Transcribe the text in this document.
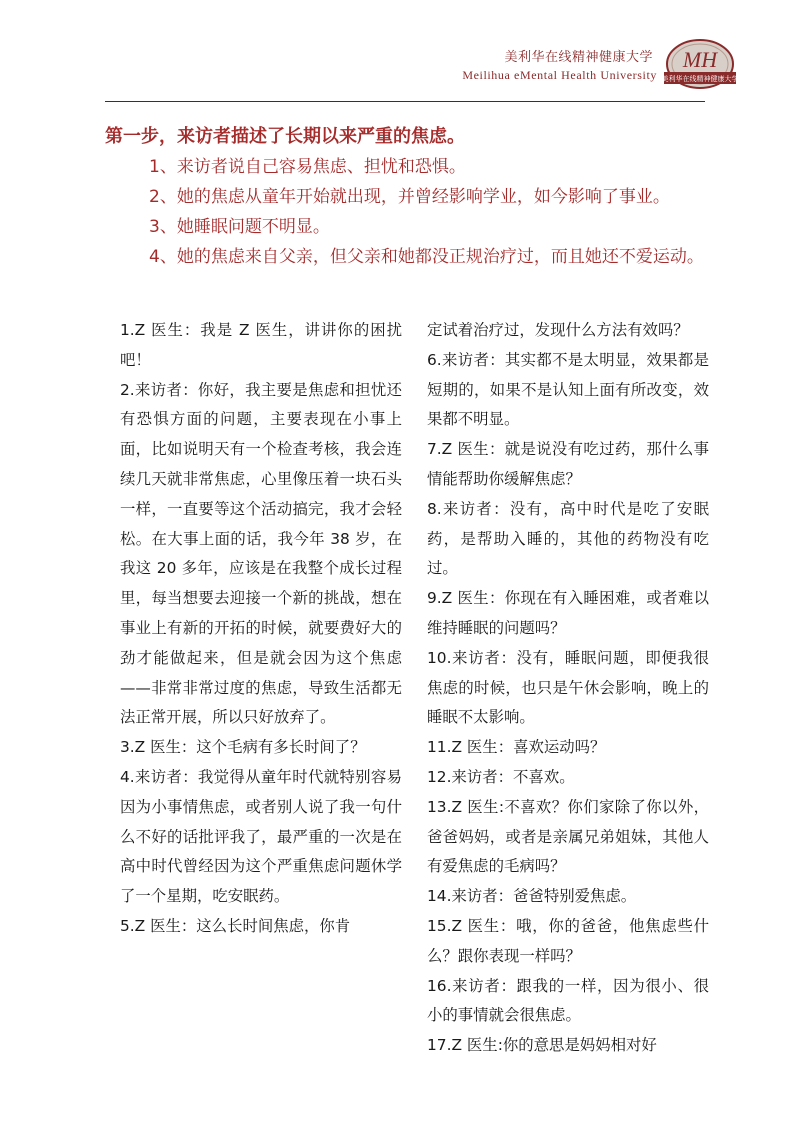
美利华在线精神健康大学
Meilihua eMental Health University
MH
美利华在线精神健康大学
第一步，来访者描述了长期以来严重的焦虑。
1、来访者说自己容易焦虑、担忧和恐惧。
2、她的焦虑从童年开始就出现，并曾经影响学业，如今影响了事业。
3、她睡眠问题不明显。
4、她的焦虑来自父亲，但父亲和她都没正规治疗过，而且她还不爱运动。

1.Z 医生：我是 Z 医生，讲讲你的困扰吧！

2.来访者：你好，我主要是焦虑和担忧还有恐惧方面的问题，主要表现在小事上面，比如说明天有一个检查考核，我会连续几天就非常焦虑，心里像压着一块石头一样，一直要等这个活动搞完，我才会轻松。在大事上面的话，我今年 38 岁，在我这 20 多年，应该是在我整个成长过程里，每当想要去迎接一个新的挑战，想在事业上有新的开拓的时候，就要费好大的劲才能做起来，但是就会因为这个焦虑——非常非常过度的焦虑，导致生活都无法正常开展，所以只好放弃了。

3.Z 医生：这个毛病有多长时间了？

4.来访者：我觉得从童年时代就特别容易因为小事情焦虑，或者别人说了我一句什么不好的话批评我了，最严重的一次是在高中时代曾经因为这个严重焦虑问题休学了一个星期，吃安眠药。

5.Z 医生：这么长时间焦虑，你肯

定试着治疗过，发现什么方法有效吗？

6.来访者：其实都不是太明显，效果都是短期的，如果不是认知上面有所改变，效果都不明显。

7.Z 医生：就是说没有吃过药，那什么事情能帮助你缓解焦虑？

8.来访者：没有，高中时代是吃了安眠药，是帮助入睡的，其他的药物没有吃过。

9.Z 医生：你现在有入睡困难，或者难以维持睡眠的问题吗？

10.来访者：没有，睡眠问题，即便我很焦虑的时候，也只是午休会影响，晚上的睡眠不太影响。

11.Z 医生：喜欢运动吗？

12.来访者：不喜欢。

13.Z 医生:不喜欢？你们家除了你以外，爸爸妈妈，或者是亲属兄弟姐妹，其他人有爱焦虑的毛病吗？

14.来访者：爸爸特别爱焦虑。

15.Z 医生：哦，你的爸爸，他焦虑些什么？跟你表现一样吗？

16.来访者：跟我的一样，因为很小、很小的事情就会很焦虑。

17.Z 医生:你的意思是妈妈相对好
